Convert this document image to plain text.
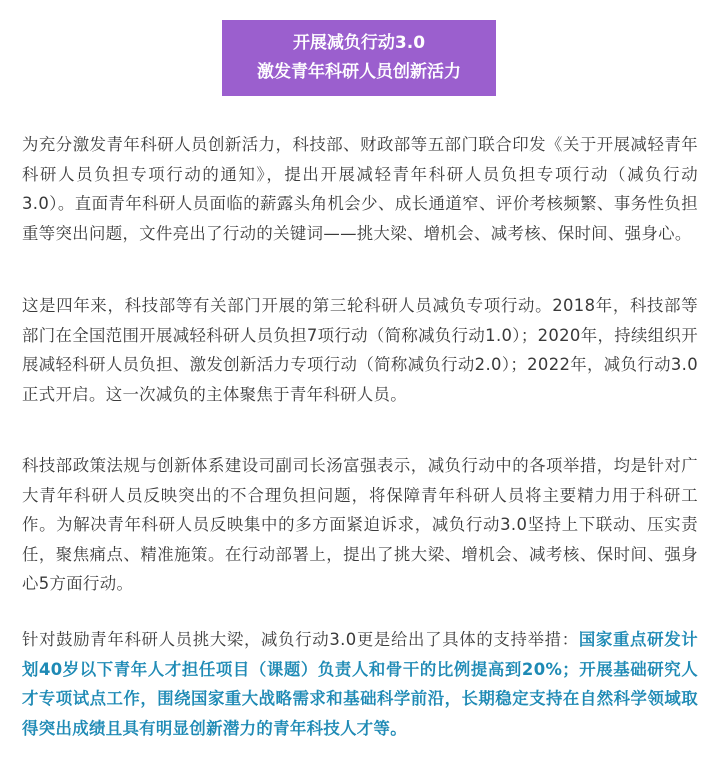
开展减负行动3.0
激发青年科研人员创新活力

为充分激发青年科研人员创新活力，科技部、财政部等五部门联合印发《关于开展减轻青年科研人员负担专项行动的通知》，提出开展减轻青年科研人员负担专项行动（减负行动3.0）。直面青年科研人员面临的薪露头角机会少、成长通道窄、评价考核频繁、事务性负担重等突出问题，文件亮出了行动的关键词——挑大梁、增机会、减考核、保时间、强身心。

这是四年来，科技部等有关部门开展的第三轮科研人员减负专项行动。2018年，科技部等部门在全国范围开展减轻科研人员负担7项行动（简称减负行动1.0）；2020年，持续组织开展减轻科研人员负担、激发创新活力专项行动（简称减负行动2.0）；2022年，减负行动3.0正式开启。这一次减负的主体聚焦于青年科研人员。

科技部政策法规与创新体系建设司副司长汤富强表示，减负行动中的各项举措，均是针对广大青年科研人员反映突出的不合理负担问题，将保障青年科研人员将主要精力用于科研工作。为解决青年科研人员反映集中的多方面紧迫诉求，减负行动3.0坚持上下联动、压实责任，聚焦痛点、精准施策。在行动部署上，提出了挑大梁、增机会、减考核、保时间、强身心5方面行动。

针对鼓励青年科研人员挑大梁，减负行动3.0更是给出了具体的支持举措：国家重点研发计划40岁以下青年人才担任项目（课题）负责人和骨干的比例提高到20%；开展基础研究人才专项试点工作，围绕国家重大战略需求和基础科学前沿，长期稳定支持在自然科学领域取得突出成绩且具有明显创新潜力的青年科技人才等。
